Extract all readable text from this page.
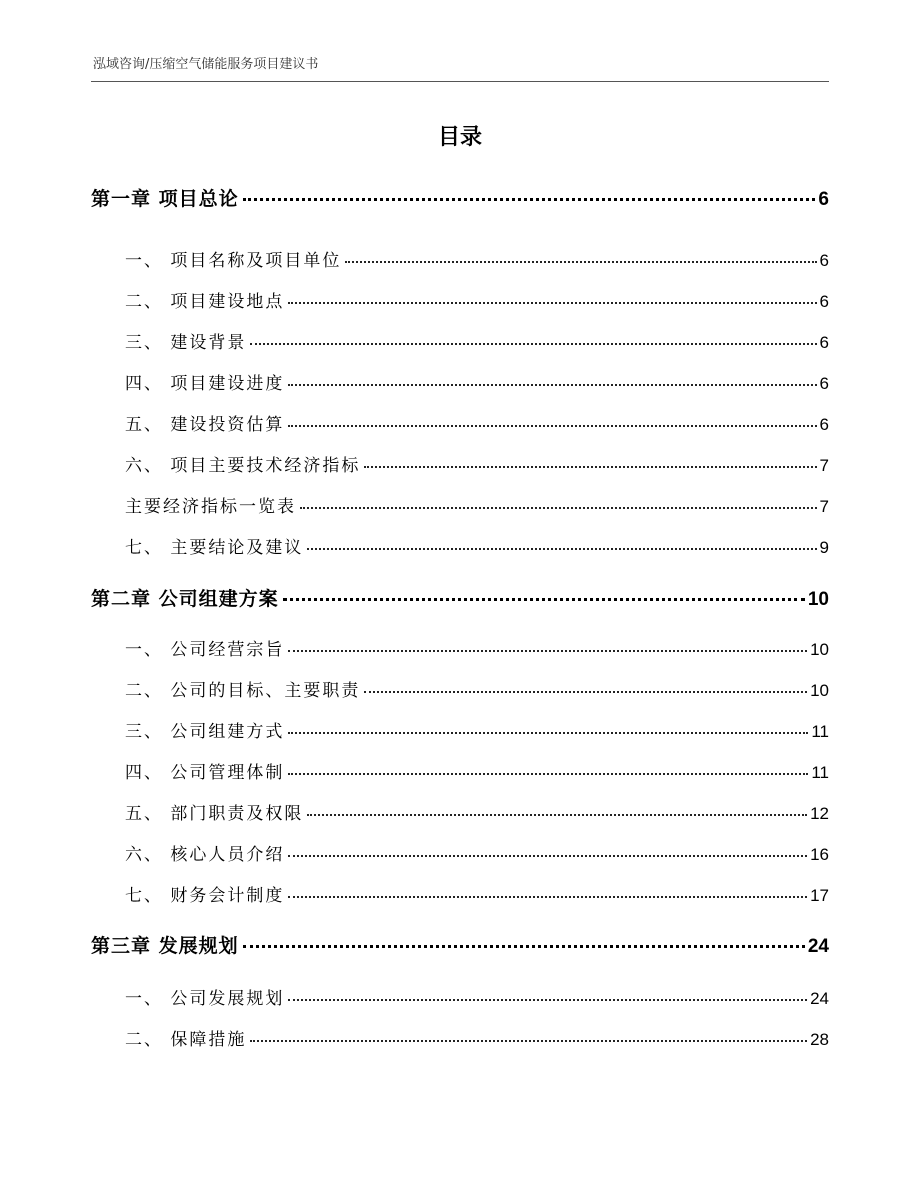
泓域咨询/压缩空气储能服务项目建议书
目录
第一章 项目总论	6
一、 项目名称及项目单位	6
二、 项目建设地点	6
三、 建设背景	6
四、 项目建设进度	6
五、 建设投资估算	6
六、 项目主要技术经济指标	7
主要经济指标一览表	7
七、 主要结论及建议	9
第二章 公司组建方案	10
一、 公司经营宗旨	10
二、 公司的目标、主要职责	10
三、 公司组建方式	11
四、 公司管理体制	11
五、 部门职责及权限	12
六、 核心人员介绍	16
七、 财务会计制度	17
第三章 发展规划	24
一、 公司发展规划	24
二、 保障措施	28
